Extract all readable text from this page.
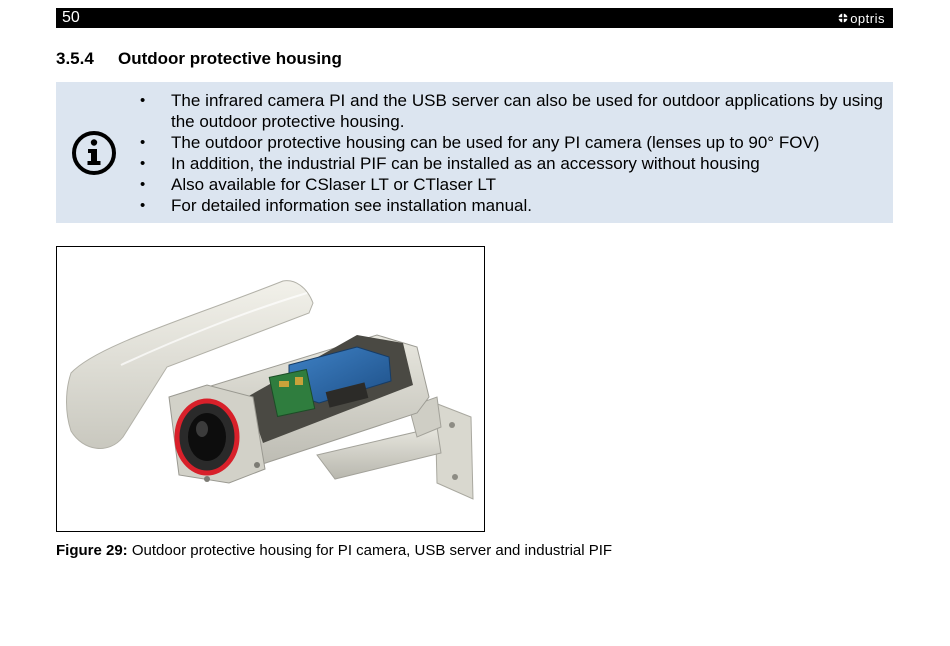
50	optris
3.5.4 Outdoor protective housing
• The infrared camera PI and the USB server can also be used for outdoor applications by using the outdoor protective housing.
• The outdoor protective housing can be used for any PI camera (lenses up to 90° FOV)
• In addition, the industrial PIF can be installed as an accessory without housing
• Also available for CSlaser LT or CTlaser LT
• For detailed information see installation manual.
Figure 29: Outdoor protective housing for PI camera, USB server and industrial PIF
